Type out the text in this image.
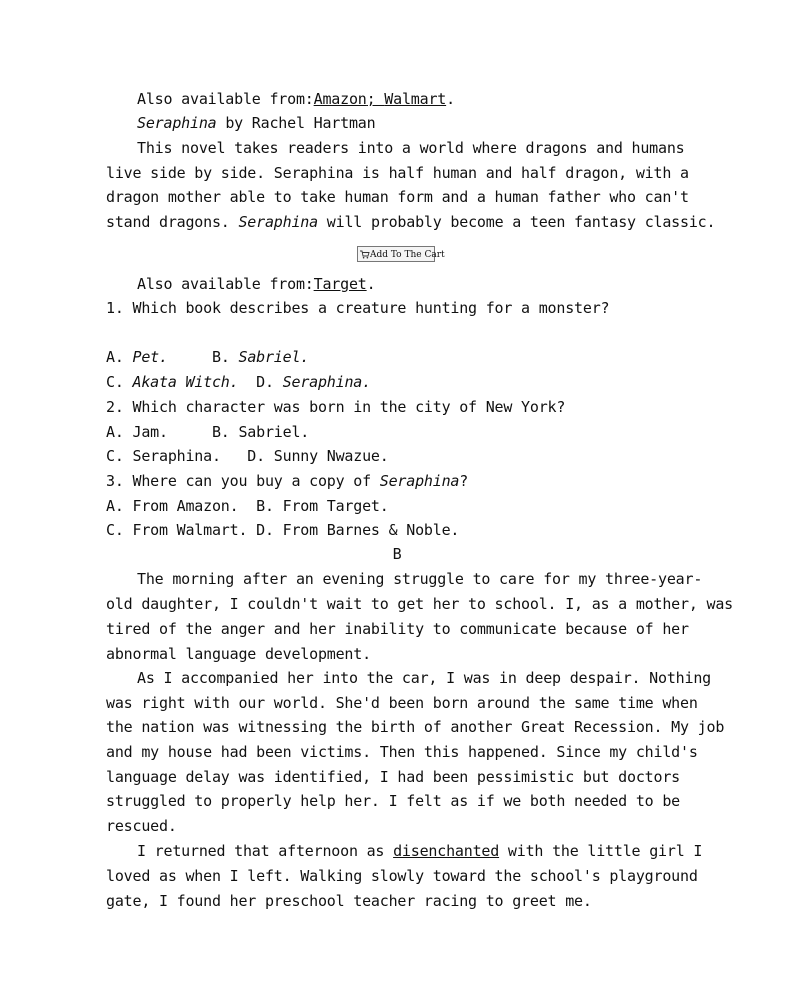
Also available from:Amazon; Walmart.
Seraphina by Rachel Hartman
This novel takes readers into a world where dragons and humans
live side by side. Seraphina is half human and half dragon, with a
dragon mother able to take human form and a human father who can't
stand dragons. Seraphina will probably become a teen fantasy classic.
Add To The Cart
Also available from:Target.
1. Which book describes a creature hunting for a monster?
A. Pet.	B. Sabriel.
C. Akata Witch. D. Seraphina.
2. Which character was born in the city of New York?
A. Jam.     B. Sabriel.
C. Seraphina.   D. Sunny Nwazue.
3. Where can you buy a copy of Seraphina?
A. From Amazon.  B. From Target.
C. From Walmart. D. From Barnes & Noble.
B
The morning after an evening struggle to care for my three-year-
old daughter, I couldn't wait to get her to school. I, as a mother, was
tired of the anger and her inability to communicate because of her
abnormal language development.
As I accompanied her into the car, I was in deep despair. Nothing
was right with our world. She'd been born around the same time when
the nation was witnessing the birth of another Great Recession. My job
and my house had been victims. Then this happened. Since my child's
language delay was identified, I had been pessimistic but doctors
struggled to properly help her. I felt as if we both needed to be
rescued.
I returned that afternoon as disenchanted with the little girl I
loved as when I left. Walking slowly toward the school's playground
gate, I found her preschool teacher racing to greet me.
